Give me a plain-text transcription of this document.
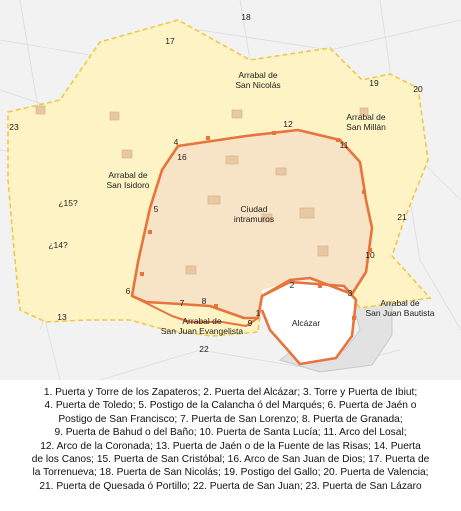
Ciudad intramuros
Alcázar
Arrabal de San Nicolás
Arrabal de San Millán
Arrabal de San Isidoro
Arrabal de San Juan Bautista
Arrabal de San Juan Evangelista
1
2
3
4
5
6
7 8
9
10
11
12
13
¿14?
¿15?
16
17
18
19
20
21
22
23
1. Puerta y Torre de los Zapateros; 2. Puerta del Alcázar; 3. Torre y Puerta de Ibiut;
4. Puerta de Toledo; 5. Postigo de la Calancha ó del Marqués; 6. Puerta de Jaén o
Postigo de San Francisco; 7. Puerta de San Lorenzo; 8. Puerta de Granada;
9. Puerta de Bahud o del Baño; 10. Puerta de Santa Lucía; 11. Arco del Losal;
12. Arco de la Coronada; 13. Puerta de Jaén o de la Fuente de las Risas; 14. Puerta
de los Canos; 15. Puerta de San Cristóbal; 16. Arco de San Juan de Dios; 17. Puerta de
la Torrenueva; 18. Puerta de San Nicolás; 19. Postigo del Gallo; 20. Puerta de Valencia;
21. Puerta de Quesada ó Portillo; 22. Puerta de San Juan; 23. Puerta de San Lázaro
